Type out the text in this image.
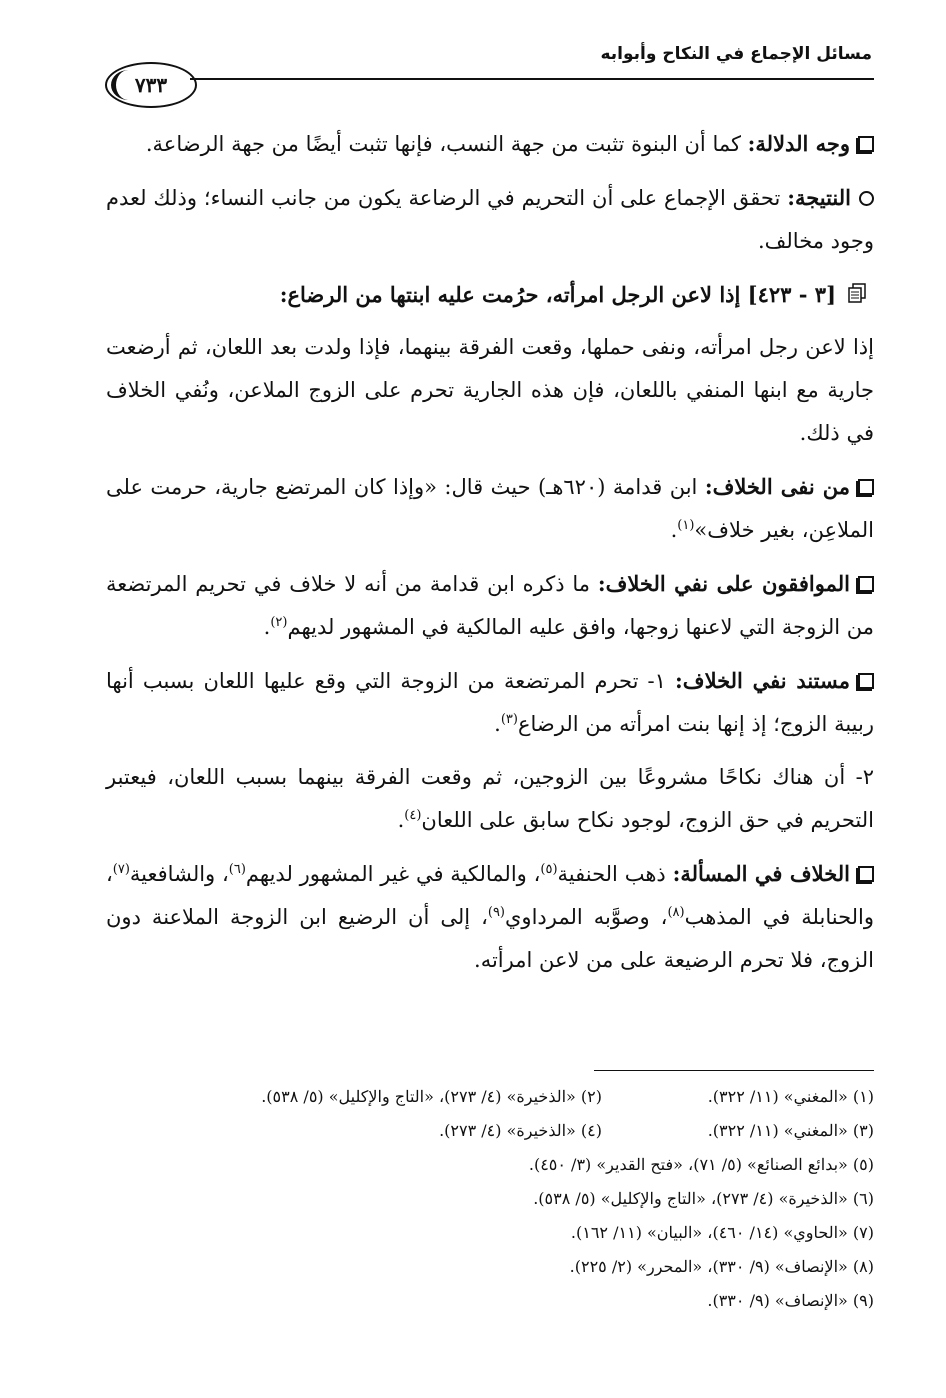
مسائل الإجماع في النكاح وأبوابه
٧٣٣

وجه الدلالة: كما أن البنوة تثبت من جهة النسب، فإنها تثبت أيضًا من جهة الرضاعة.

النتيجة: تحقق الإجماع على أن التحريم في الرضاعة يكون من جانب النساء؛ وذلك لعدم وجود مخالف.

[٣ - ٤٢٣] إذا لاعن الرجل امرأته، حرُمت عليه ابنتها من الرضاع:

إذا لاعن رجل امرأته، ونفى حملها، وقعت الفرقة بينهما، فإذا ولدت بعد اللعان، ثم أرضعت جارية مع ابنها المنفي باللعان، فإن هذه الجارية تحرم على الزوج الملاعن، ونُفي الخلاف في ذلك.

من نفى الخلاف: ابن قدامة (٦٢٠هـ) حيث قال: «وإذا كان المرتضع جارية، حرمت على الملاعِن، بغير خلاف»$^{(١)}$.

الموافقون على نفي الخلاف: ما ذكره ابن قدامة من أنه لا خلاف في تحريم المرتضعة من الزوجة التي لاعنها زوجها، وافق عليه المالكية في المشهور لديهم$^{(٢)}$.

مستند نفي الخلاف: ١- تحرم المرتضعة من الزوجة التي وقع عليها اللعان بسبب أنها ربيبة الزوج؛ إذ إنها بنت امرأته من الرضاع$^{(٣)}$.

٢- أن هناك نكاحًا مشروعًا بين الزوجين، ثم وقعت الفرقة بينهما بسبب اللعان، فيعتبر التحريم في حق الزوج، لوجود نكاح سابق على اللعان$^{(٤)}$.

الخلاف في المسألة: ذهب الحنفية$^{(٥)}$، والمالكية في غير المشهور لديهم$^{(٦)}$، والشافعية$^{(٧)}$، والحنابلة في المذهب$^{(٨)}$، وصوَّبه المرداوي$^{(٩)}$، إلى أن الرضيع ابن الزوجة الملاعنة دون الزوج، فلا تحرم الرضيعة على من لاعن امرأته.

(١) «المغني» (١١/ ٣٢٢).
(٢) «الذخيرة» (٤/ ٢٧٣)، «التاج والإكليل» (٥/ ٥٣٨).
(٣) «المغني» (١١/ ٣٢٢).
(٤) «الذخيرة» (٤/ ٢٧٣).
(٥) «بدائع الصنائع» (٥/ ٧١)، «فتح القدير» (٣/ ٤٥٠).
(٦) «الذخيرة» (٤/ ٢٧٣)، «التاج والإكليل» (٥/ ٥٣٨).
(٧) «الحاوي» (١٤/ ٤٦٠)، «البيان» (١١/ ١٦٢).
(٨) «الإنصاف» (٩/ ٣٣٠)، «المحرر» (٢/ ٢٢٥).
(٩) «الإنصاف» (٩/ ٣٣٠).
